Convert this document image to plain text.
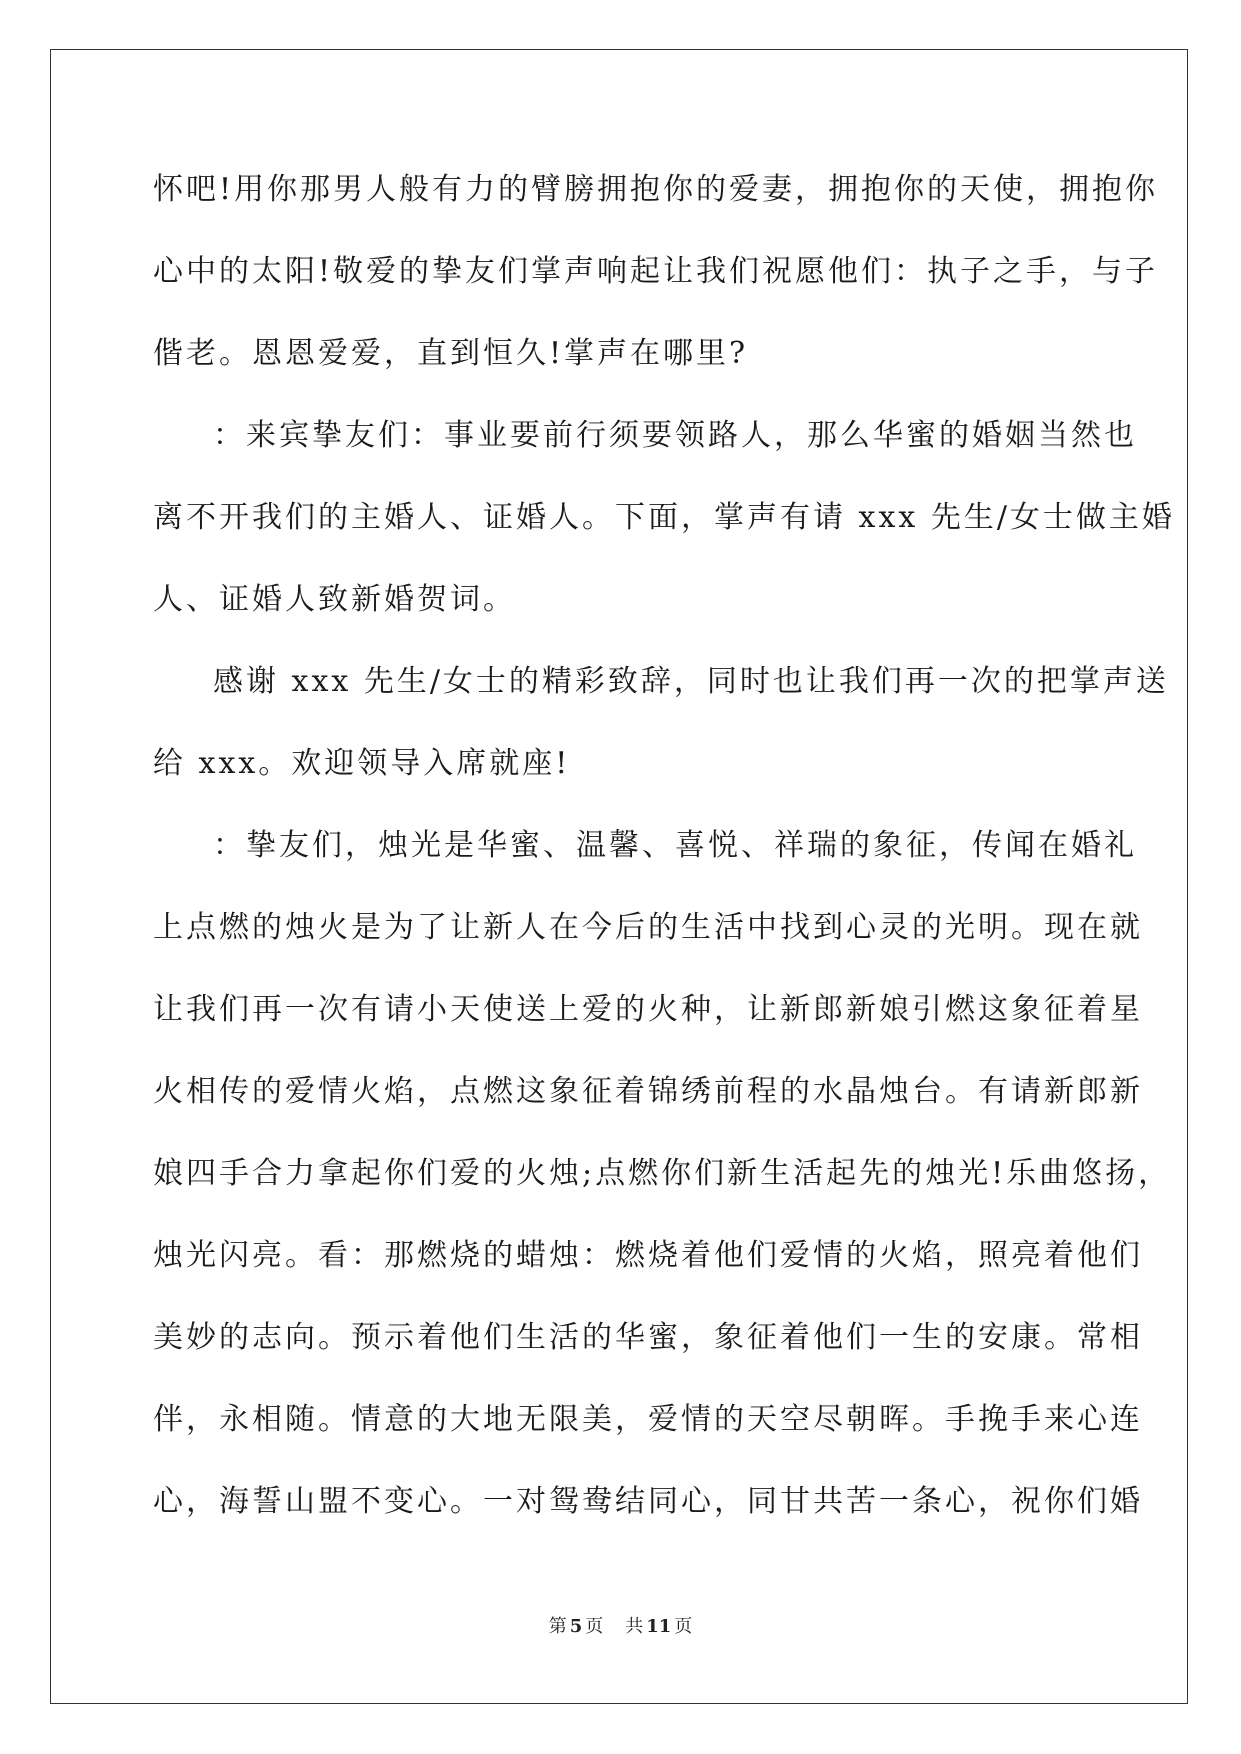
怀吧!用你那男人般有力的臂膀拥抱你的爱妻，拥抱你的天使，拥抱你
心中的太阳!敬爱的挚友们掌声响起让我们祝愿他们：执子之手，与子
偕老。恩恩爱爱，直到恒久!掌声在哪里?
：来宾挚友们：事业要前行须要领路人，那么华蜜的婚姻当然也
离不开我们的主婚人、证婚人。下面，掌声有请 xxx 先生/女士做主婚
人、证婚人致新婚贺词。
感谢 xxx 先生/女士的精彩致辞，同时也让我们再一次的把掌声送
给 xxx。欢迎领导入席就座!
：挚友们，烛光是华蜜、温馨、喜悦、祥瑞的象征，传闻在婚礼
上点燃的烛火是为了让新人在今后的生活中找到心灵的光明。现在就
让我们再一次有请小天使送上爱的火种，让新郎新娘引燃这象征着星
火相传的爱情火焰，点燃这象征着锦绣前程的水晶烛台。有请新郎新
娘四手合力拿起你们爱的火烛;点燃你们新生活起先的烛光!乐曲悠扬，
烛光闪亮。看：那燃烧的蜡烛：燃烧着他们爱情的火焰，照亮着他们
美妙的志向。预示着他们生活的华蜜，象征着他们一生的安康。常相
伴，永相随。情意的大地无限美，爱情的天空尽朝晖。手挽手来心连
心，海誓山盟不变心。一对鸳鸯结同心，同甘共苦一条心，祝你们婚
第 5 页 共 11 页
